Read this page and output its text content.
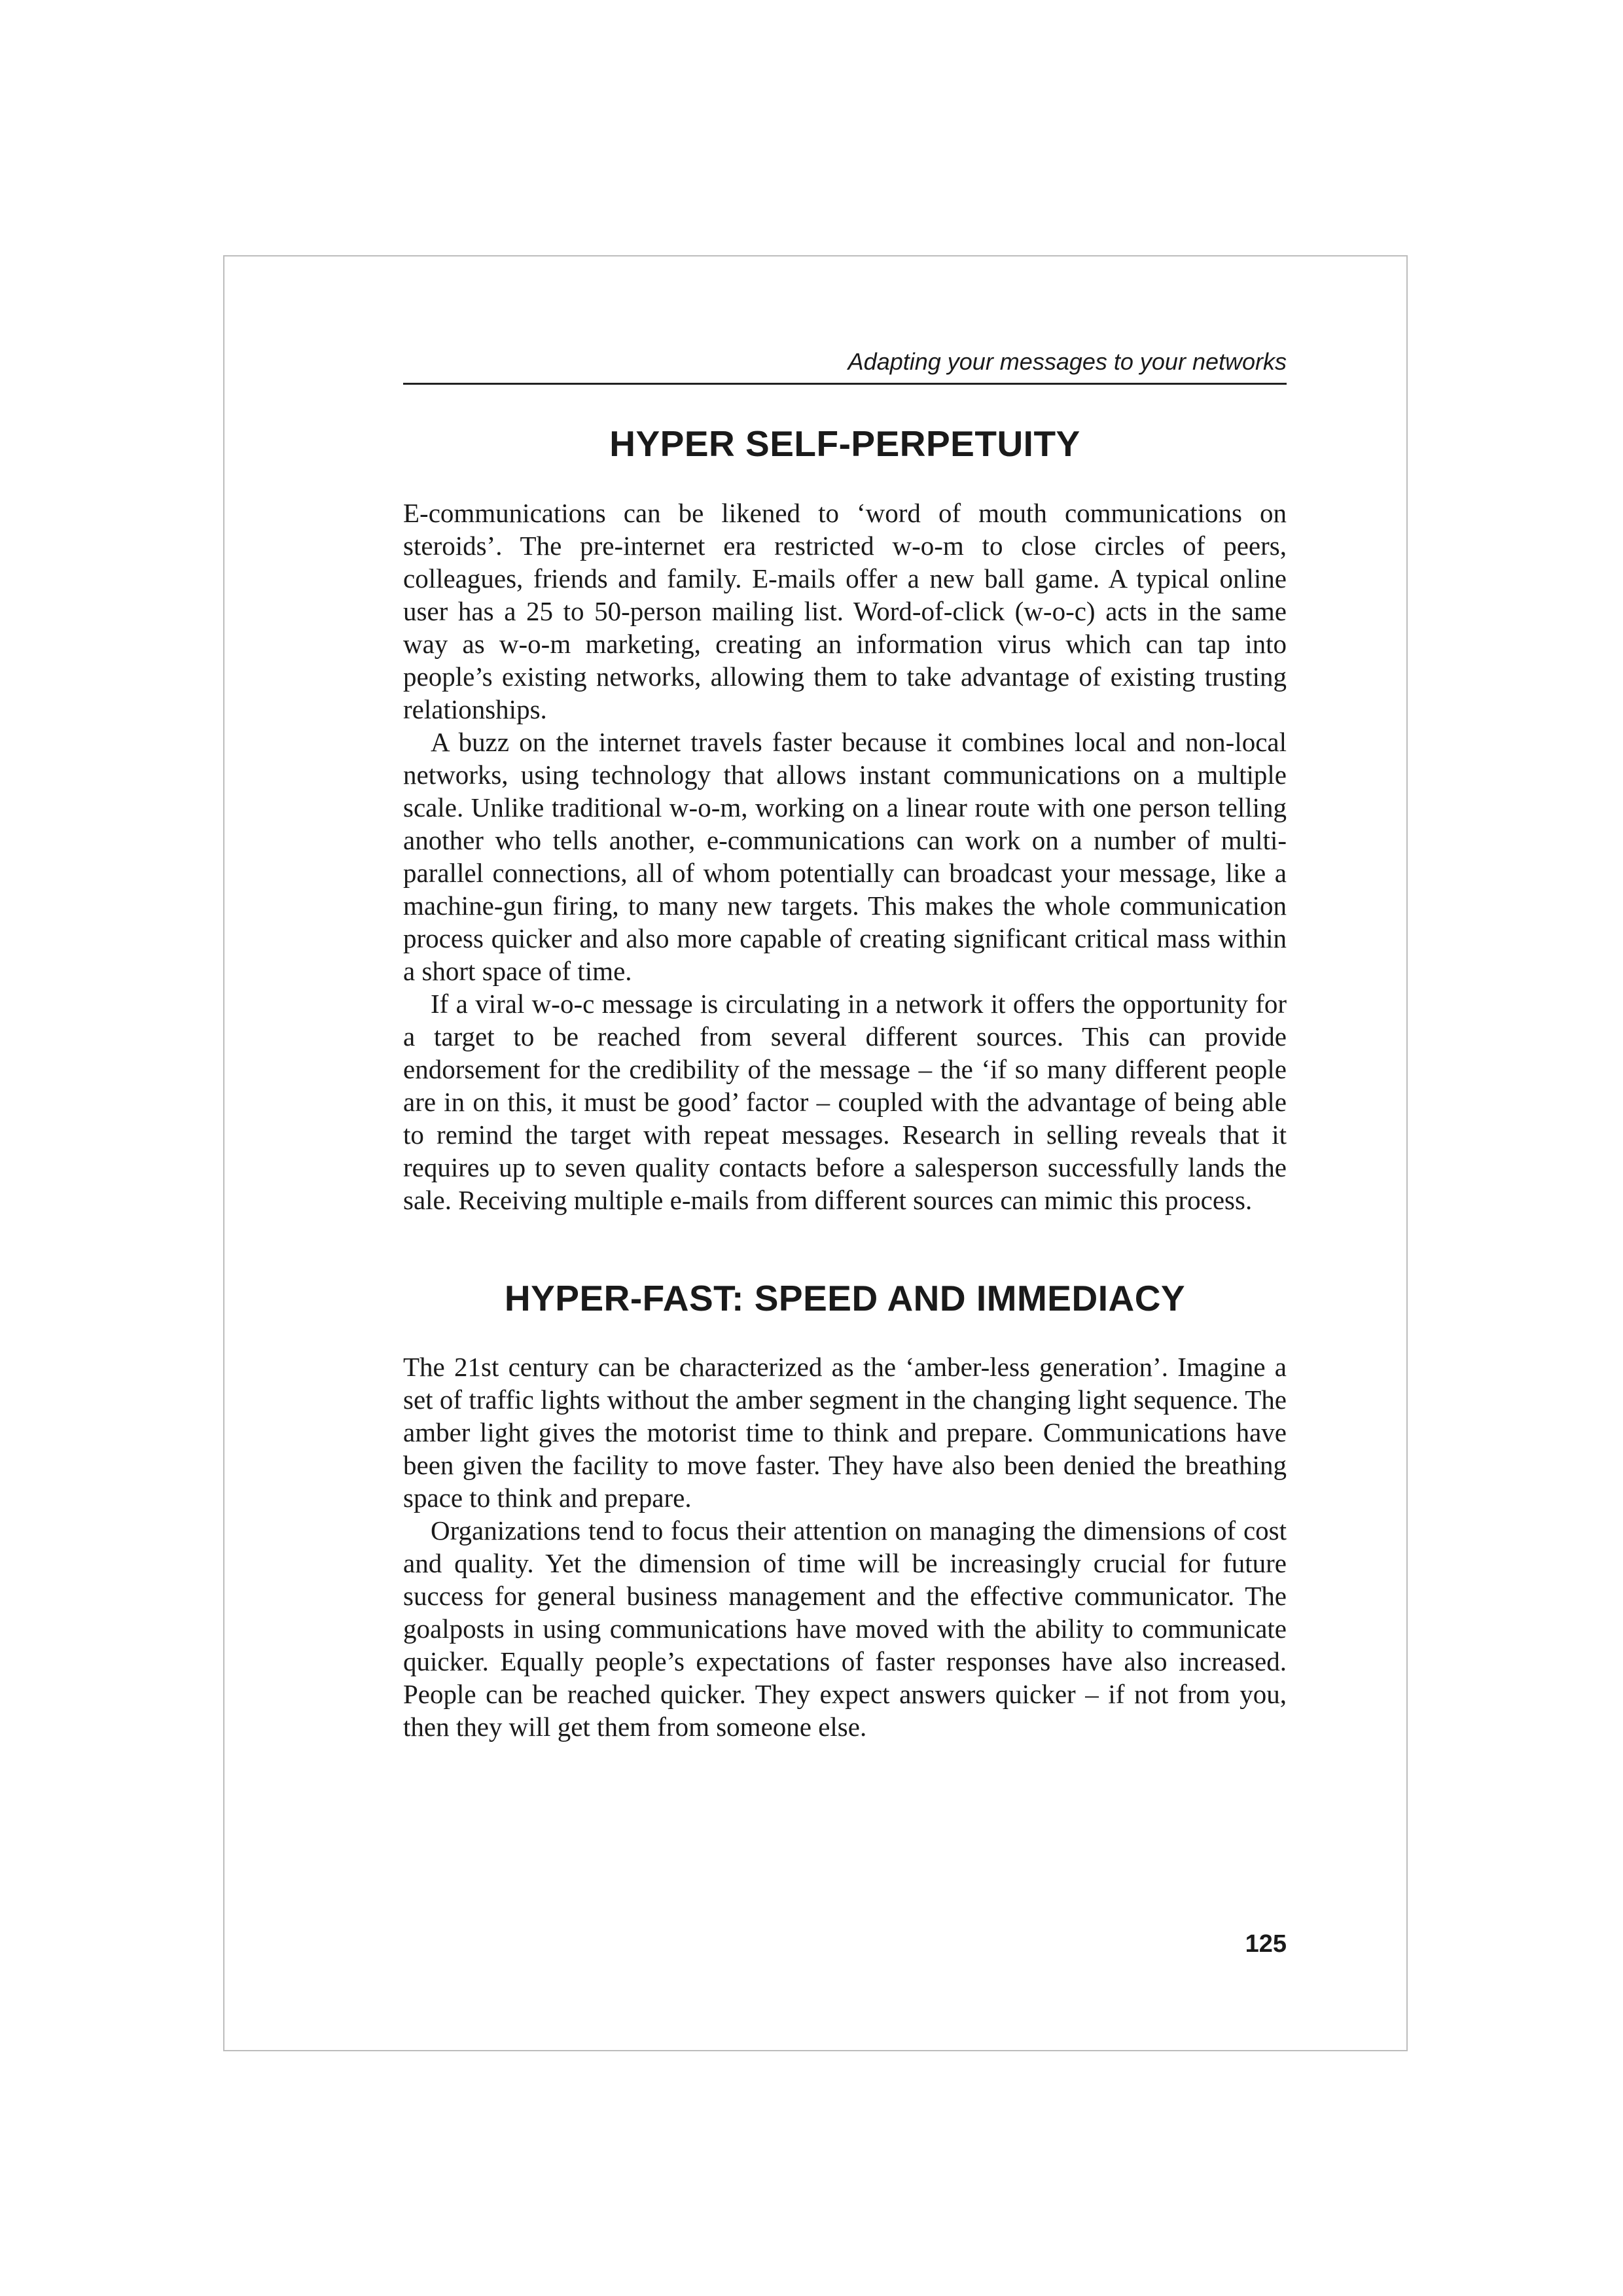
Adapting your messages to your networks
HYPER SELF-PERPETUITY

E-communications can be likened to ‘word of mouth communications on steroids’. The pre-internet era restricted w-o-m to close circles of peers, colleagues, friends and family. E-mails offer a new ball game. A typical online user has a 25 to 50-person mailing list. Word-of-click (w-o-c) acts in the same way as w-o-m marketing, creating an information virus which can tap into people’s existing networks, allowing them to take advantage of existing trusting relationships.

A buzz on the internet travels faster because it combines local and non-local networks, using technology that allows instant communications on a multiple scale. Unlike traditional w-o-m, working on a linear route with one person telling another who tells another, e-communications can work on a number of multi-parallel connections, all of whom potentially can broadcast your message, like a machine-gun firing, to many new targets. This makes the whole communication process quicker and also more capable of creating significant critical mass within a short space of time.

If a viral w-o-c message is circulating in a network it offers the opportunity for a target to be reached from several different sources. This can provide endorsement for the credibility of the message – the ‘if so many different people are in on this, it must be good’ factor – coupled with the advantage of being able to remind the target with repeat messages. Research in selling reveals that it requires up to seven quality contacts before a salesperson successfully lands the sale. Receiving multiple e-mails from different sources can mimic this process.

HYPER-FAST: SPEED AND IMMEDIACY

The 21st century can be characterized as the ‘amber-less generation’. Imagine a set of traffic lights without the amber segment in the changing light sequence. The amber light gives the motorist time to think and prepare. Communications have been given the facility to move faster. They have also been denied the breathing space to think and prepare.

Organizations tend to focus their attention on managing the dimensions of cost and quality. Yet the dimension of time will be increasingly crucial for future success for general business management and the effective communicator. The goalposts in using communications have moved with the ability to communicate quicker. Equally people’s expectations of faster responses have also increased. People can be reached quicker. They expect answers quicker – if not from you, then they will get them from someone else.

125
